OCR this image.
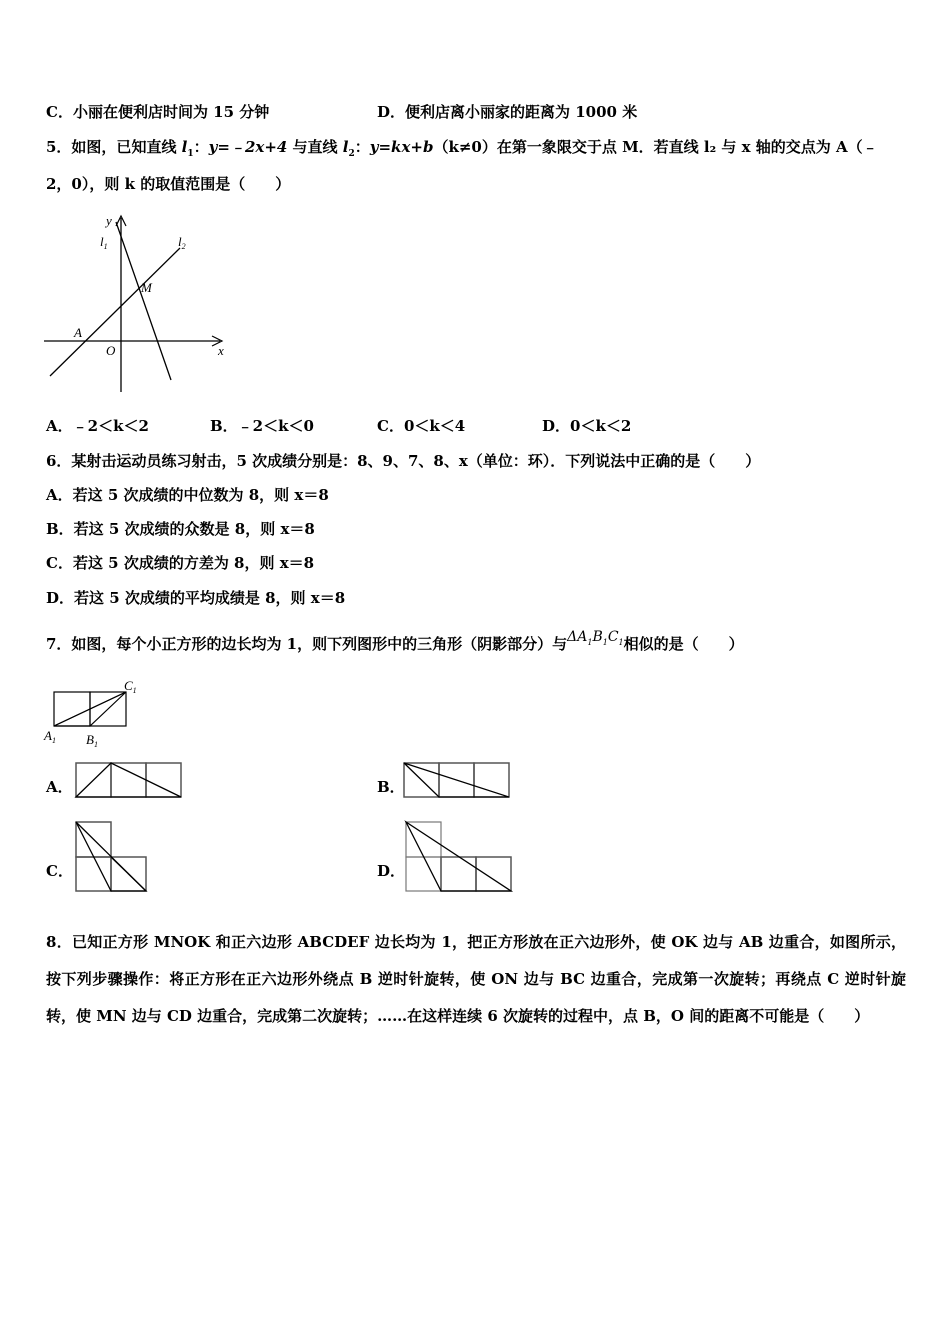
C．小丽在便利店时间为 15 分钟	D．便利店离小丽家的距离为 1000 米
5．如图，已知直线 $l_1$：y=﹣2x+4 与直线 $l_2$：y=kx+b（k≠0）在第一象限交于点 M．若直线 l₂ 与 x 轴的交点为 A（﹣
2，0），则 k 的取值范围是（　　）
y
x
$l_1$	$l_2$
M
A
O
A．﹣2＜k＜2	B．﹣2＜k＜0	C．0＜k＜4	D．0＜k＜2
6．某射击运动员练习射击，5 次成绩分别是：8、9、7、8、x（单位：环）．下列说法中正确的是（　　）
A．若这 5 次成绩的中位数为 8，则 x＝8
B．若这 5 次成绩的众数是 8，则 x＝8
C．若这 5 次成绩的方差为 8，则 x＝8
D．若这 5 次成绩的平均成绩是 8，则 x＝8
7．如图，每个小正方形的边长均为 1，则下列图形中的三角形（阴影部分）与$\Delta A_1B_1C_1$相似的是（　　）
$C_1$
$A_1$ $B_1$
A．	B．
C．	D．
8．已知正方形 MNOK 和正六边形 ABCDEF 边长均为 1，把正方形放在正六边形外，使 OK 边与 AB 边重合，如图所示，按下列步骤操作：将正方形在正六边形外绕点 B 逆时针旋转，使 ON 边与 BC 边重合，完成第一次旋转；再绕点 C 逆时针旋转，使 MN 边与 CD 边重合，完成第二次旋转；……在这样连续 6 次旋转的过程中，点 B，O 间的距离不可能是（　　）
